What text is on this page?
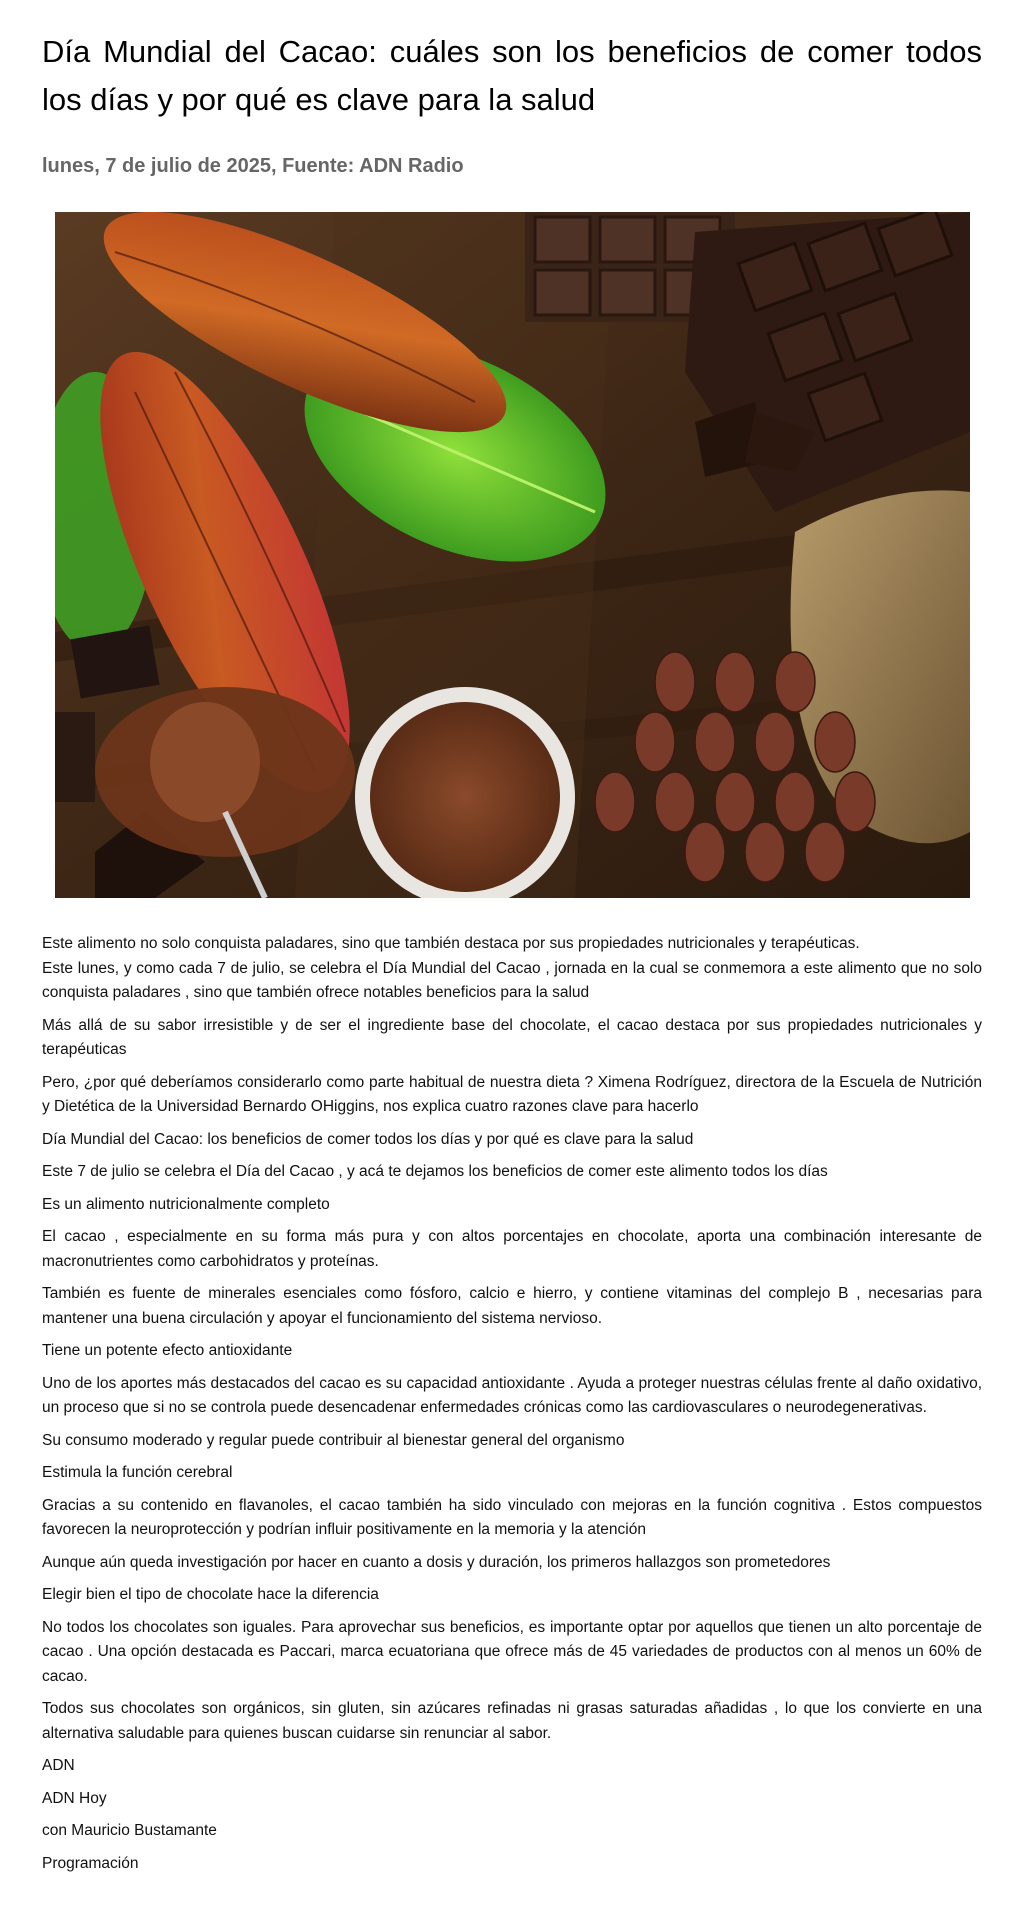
Día Mundial del Cacao: cuáles son los beneficios de comer todos los días y por qué es clave para la salud
lunes, 7 de julio de 2025, Fuente: ADN Radio

Este alimento no solo conquista paladares, sino que también destaca por sus propiedades nutricionales y terapéuticas.

Este lunes, y como cada 7 de julio, se celebra el Día Mundial del Cacao , jornada en la cual se conmemora a este alimento que no solo conquista paladares , sino que también ofrece notables beneficios para la salud

Más allá de su sabor irresistible y de ser el ingrediente base del chocolate, el cacao destaca por sus propiedades nutricionales y terapéuticas

Pero, ¿por qué deberíamos considerarlo como parte habitual de nuestra dieta ? Ximena Rodríguez, directora de la Escuela de Nutrición y Dietética de la Universidad Bernardo OHiggins, nos explica cuatro razones clave para hacerlo

Día Mundial del Cacao: los beneficios de comer todos los días y por qué es clave para la salud

Este 7 de julio se celebra el Día del Cacao , y acá te dejamos los beneficios de comer este alimento todos los días

Es un alimento nutricionalmente completo

El cacao , especialmente en su forma más pura y con altos porcentajes en chocolate, aporta una combinación interesante de macronutrientes como carbohidratos y proteínas.

También es fuente de minerales esenciales como fósforo, calcio e hierro, y contiene vitaminas del complejo B , necesarias para mantener una buena circulación y apoyar el funcionamiento del sistema nervioso.

Tiene un potente efecto antioxidante

Uno de los aportes más destacados del cacao es su capacidad antioxidante . Ayuda a proteger nuestras células frente al daño oxidativo, un proceso que si no se controla puede desencadenar enfermedades crónicas como las cardiovasculares o neurodegenerativas.

Su consumo moderado y regular puede contribuir al bienestar general del organismo

Estimula la función cerebral

Gracias a su contenido en flavanoles, el cacao también ha sido vinculado con mejoras en la función cognitiva . Estos compuestos favorecen la neuroprotección y podrían influir positivamente en la memoria y la atención

Aunque aún queda investigación por hacer en cuanto a dosis y duración, los primeros hallazgos son prometedores

Elegir bien el tipo de chocolate hace la diferencia

No todos los chocolates son iguales. Para aprovechar sus beneficios, es importante optar por aquellos que tienen un alto porcentaje de cacao . Una opción destacada es Paccari, marca ecuatoriana que ofrece más de 45 variedades de productos con al menos un 60% de cacao.

Todos sus chocolates son orgánicos, sin gluten, sin azúcares refinadas ni grasas saturadas añadidas , lo que los convierte en una alternativa saludable para quienes buscan cuidarse sin renunciar al sabor.

ADN

ADN Hoy

con Mauricio Bustamante

Programación
